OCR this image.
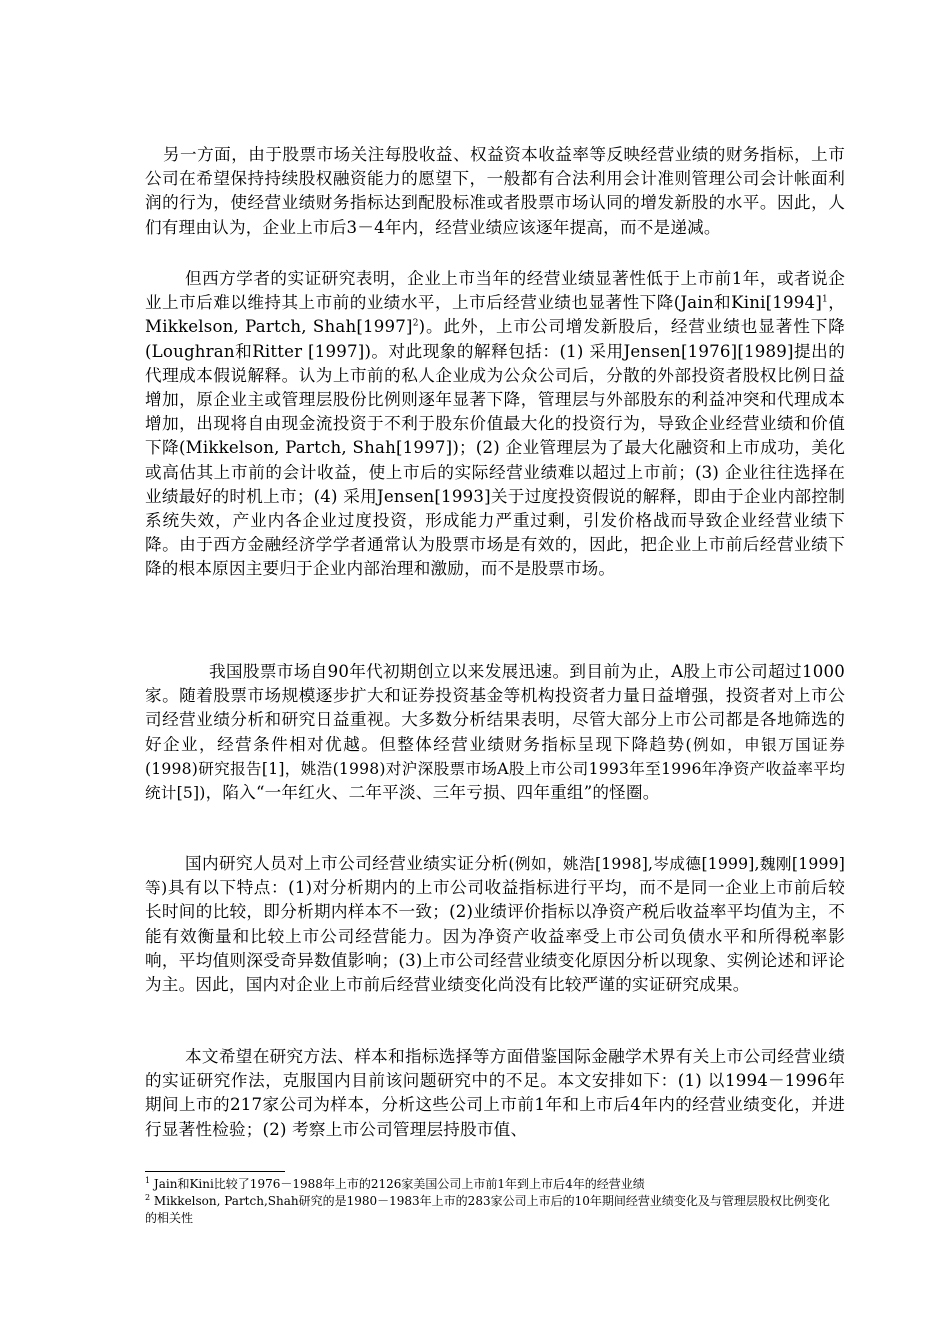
另一方面，由于股票市场关注每股收益、权益资本收益率等反映经营业绩的财务指标，上市公司在希望保持持续股权融资能力的愿望下，一般都有合法利用会计准则管理公司会计帐面利润的行为，使经营业绩财务指标达到配股标准或者股票市场认同的增发新股的水平。因此，人们有理由认为，企业上市后3－4年内，经营业绩应该逐年提高，而不是递减。

但西方学者的实证研究表明，企业上市当年的经营业绩显著性低于上市前1年，或者说企业上市后难以维持其上市前的业绩水平，上市后经营业绩也显著性下降(Jain和$Kini[1994]^1$，Mikkelson, Partch, $Shah[1997]^2$)。此外，上市公司增发新股后，经营业绩也显著性下降(Loughran和Ritter [1997])。对此现象的解释包括：(1) 采用Jensen[1976][1989]提出的代理成本假说解释。认为上市前的私人企业成为公众公司后，分散的外部投资者股权比例日益增加，原企业主或管理层股份比例则逐年显著下降，管理层与外部股东的利益冲突和代理成本增加，出现将自由现金流投资于不利于股东价值最大化的投资行为，导致企业经营业绩和价值下降(Mikkelson, Partch, Shah[1997])；(2) 企业管理层为了最大化融资和上市成功，美化或高估其上市前的会计收益，使上市后的实际经营业绩难以超过上市前；(3) 企业往往选择在业绩最好的时机上市；(4) 采用Jensen[1993]关于过度投资假说的解释，即由于企业内部控制系统失效，产业内各企业过度投资，形成能力严重过剩，引发价格战而导致企业经营业绩下降。由于西方金融经济学学者通常认为股票市场是有效的，因此，把企业上市前后经营业绩下降的根本原因主要归于企业内部治理和激励，而不是股票市场。

我国股票市场自90年代初期创立以来发展迅速。到目前为止，A股上市公司超过1000家。随着股票市场规模逐步扩大和证券投资基金等机构投资者力量日益增强，投资者对上市公司经营业绩分析和研究日益重视。大多数分析结果表明，尽管大部分上市公司都是各地筛选的好企业，经营条件相对优越。但整体经营业绩财务指标呈现下降趋势(例如，申银万国证券(1998)研究报告[1]，姚浩(1998)对沪深股票市场A股上市公司1993年至1996年净资产收益率平均统计[5])，陷入“一年红火、二年平淡、三年亏损、四年重组”的怪圈。

国内研究人员对上市公司经营业绩实证分析(例如，姚浩[1998],岑成德[1999],魏刚[1999]等)具有以下特点：(1)对分析期内的上市公司收益指标进行平均，而不是同一企业上市前后较长时间的比较，即分析期内样本不一致；(2)业绩评价指标以净资产税后收益率平均值为主，不能有效衡量和比较上市公司经营能力。因为净资产收益率受上市公司负债水平和所得税率影响，平均值则深受奇异数值影响；(3)上市公司经营业绩变化原因分析以现象、实例论述和评论为主。因此，国内对企业上市前后经营业绩变化尚没有比较严谨的实证研究成果。

本文希望在研究方法、样本和指标选择等方面借鉴国际金融学术界有关上市公司经营业绩的实证研究作法，克服国内目前该问题研究中的不足。本文安排如下：(1) 以1994－1996年期间上市的217家公司为样本，分析这些公司上市前1年和上市后4年内的经营业绩变化，并进行显著性检验；(2) 考察上市公司管理层持股市值、

$^1$ Jain和Kini比较了1976－1988年上市的2126家美国公司上市前1年到上市后4年的经营业绩

$^2$ Mikkelson, Partch,Shah研究的是1980－1983年上市的283家公司上市后的10年期间经营业绩变化及与管理层股权比例变化的相关性
